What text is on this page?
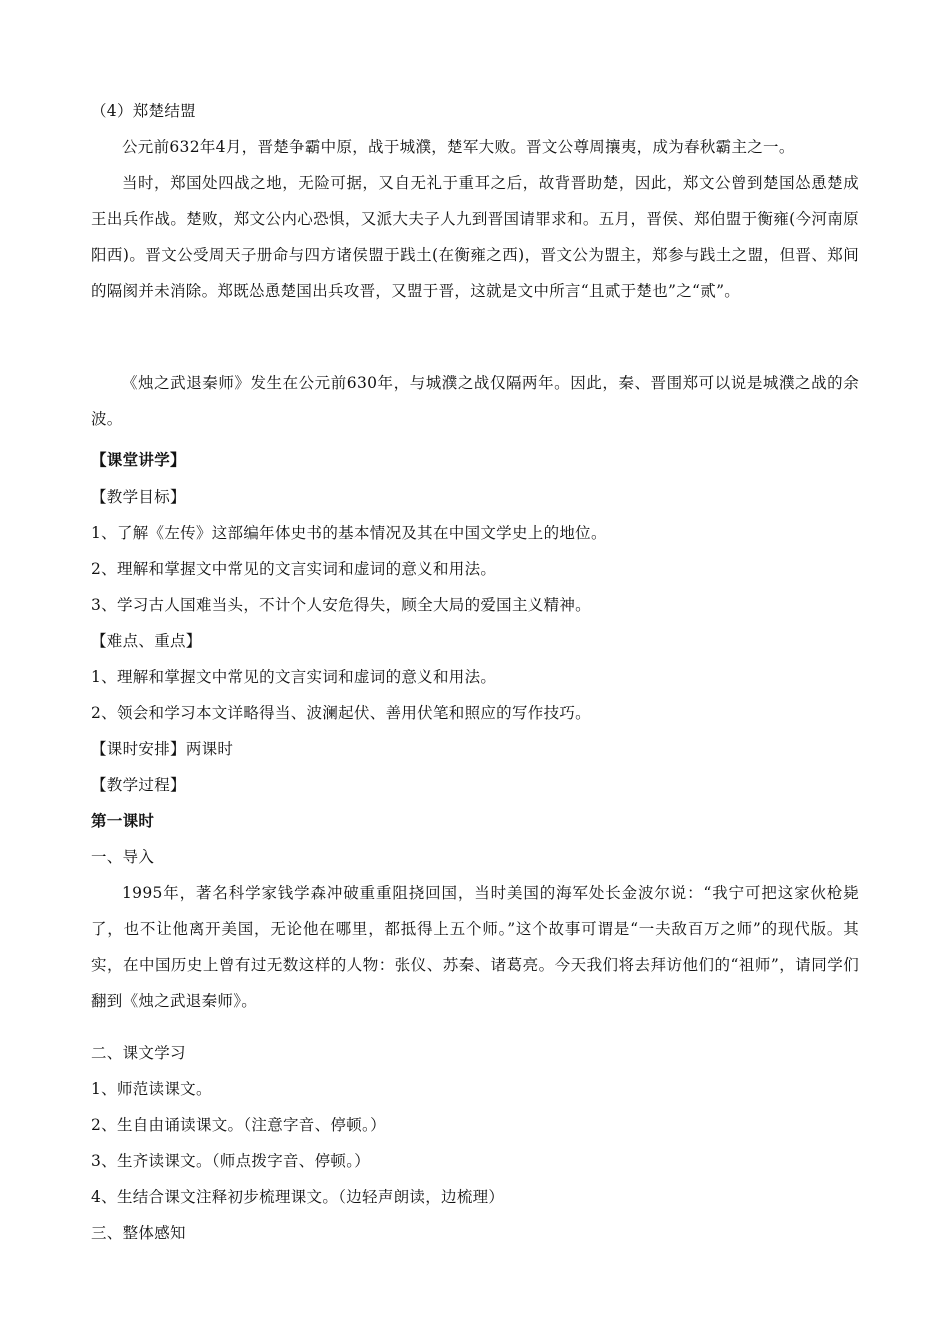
（4）郑楚结盟

公元前632年4月，晋楚争霸中原，战于城濮，楚军大败。晋文公尊周攘夷，成为春秋霸主之一。

当时，郑国处四战之地，无险可据，又自无礼于重耳之后，故背晋助楚，因此，郑文公曾到楚国怂恿楚成王出兵作战。楚败，郑文公内心恐惧，又派大夫子人九到晋国请罪求和。五月，晋侯、郑伯盟于衡雍(今河南原阳西)。晋文公受周天子册命与四方诸侯盟于践土(在衡雍之西)，晋文公为盟主，郑参与践土之盟，但晋、郑间的隔阂并未消除。郑既怂恿楚国出兵攻晋，又盟于晋，这就是文中所言“且贰于楚也”之“贰”。

《烛之武退秦师》发生在公元前630年，与城濮之战仅隔两年。因此，秦、晋围郑可以说是城濮之战的余波。

【课堂讲学】
【教学目标】
1、了解《左传》这部编年体史书的基本情况及其在中国文学史上的地位。
2、理解和掌握文中常见的文言实词和虚词的意义和用法。
3、学习古人国难当头，不计个人安危得失，顾全大局的爱国主义精神。
【难点、重点】
1、理解和掌握文中常见的文言实词和虚词的意义和用法。
2、领会和学习本文详略得当、波澜起伏、善用伏笔和照应的写作技巧。
【课时安排】两课时
【教学过程】
第一课时
一、导入

1995年，著名科学家钱学森冲破重重阻挠回国，当时美国的海军处长金波尔说：“我宁可把这家伙枪毙了，也不让他离开美国，无论他在哪里，都抵得上五个师。”这个故事可谓是“一夫敌百万之师”的现代版。其实，在中国历史上曾有过无数这样的人物：张仪、苏秦、诸葛亮。今天我们将去拜访他们的“祖师”，请同学们翻到《烛之武退秦师》。

二、课文学习
1、师范读课文。
2、生自由诵读课文。（注意字音、停顿。）
3、生齐读课文。（师点拨字音、停顿。）
4、生结合课文注释初步梳理课文。（边轻声朗读，边梳理）
三、整体感知
